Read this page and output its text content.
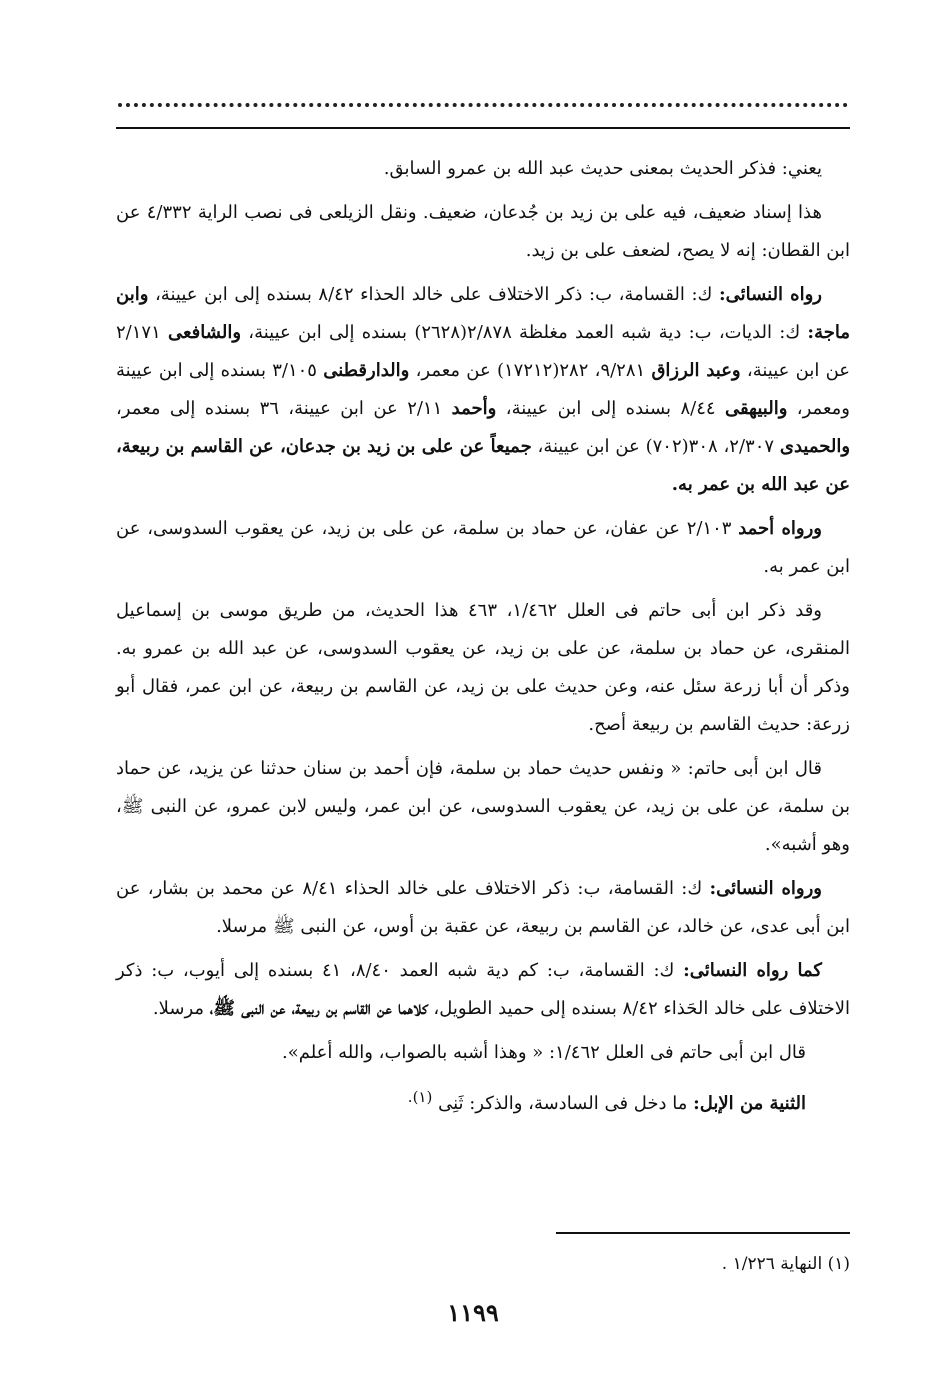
يعني: فذكر الحديث بمعنى حديث عبد الله بن عمرو السابق.

هذا إسناد ضعيف، فيه على بن زيد بن جُدعان، ضعيف. ونقل الزيلعى فى نصب الراية ٤/٣٣٢ عن ابن القطان: إنه لا يصح، لضعف على بن زيد.

رواه النسائى: ك: القسامة، ب: ذكر الاختلاف على خالد الحذاء ٨/٤٢ بسنده إلى ابن عيينة، وابن ماجة: ك: الديات، ب: دية شبه العمد مغلظة ٢/٨٧٨(٢٦٢٨) بسنده إلى ابن عيينة، والشافعى ٢/١٧١ عن ابن عيينة، وعبد الرزاق ٩/٢٨١، ٢٨٢(١٧٢١٢) عن معمر، والدارقطنى ٣/١٠٥ بسنده إلى ابن عيينة ومعمر، والبيهقى ٨/٤٤ بسنده إلى ابن عيينة، وأحمد ٢/١١ عن ابن عيينة، ٣٦ بسنده إلى معمر، والحميدى ٢/٣٠٧، ٣٠٨(٧٠٢) عن ابن عيينة، جميعاً عن على بن زيد بن جدعان، عن القاسم بن ربيعة، عن عبد الله بن عمر به.

ورواه أحمد ٢/١٠٣ عن عفان، عن حماد بن سلمة، عن على بن زيد، عن يعقوب السدوسى، عن ابن عمر به.

وقد ذكر ابن أبى حاتم فى العلل ١/٤٦٢، ٤٦٣ هذا الحديث، من طريق موسى بن إسماعيل المنقرى، عن حماد بن سلمة، عن على بن زيد، عن يعقوب السدوسى، عن عبد الله بن عمرو به. وذكر أن أبا زرعة سئل عنه، وعن حديث على بن زيد، عن القاسم بن ربيعة، عن ابن عمر، فقال أبو زرعة: حديث القاسم بن ربيعة أصح.

قال ابن أبى حاتم: « ونفس حديث حماد بن سلمة، فإن أحمد بن سنان حدثنا عن يزيد، عن حماد بن سلمة، عن على بن زيد، عن يعقوب السدوسى، عن ابن عمر، وليس لابن عمرو، عن النبى ﷺ، وهو أشبه».

ورواه النسائى: ك: القسامة، ب: ذكر الاختلاف على خالد الحذاء ٨/٤١ عن محمد بن بشار، عن ابن أبى عدى، عن خالد، عن القاسم بن ربيعة، عن عقبة بن أوس، عن النبى ﷺ مرسلا.

كما رواه النسائى: ك: القسامة، ب: كم دية شبه العمد ٨/٤٠، ٤١ بسنده إلى أيوب، ب: ذكر الاختلاف على خالد الحَذاء ٨/٤٢ بسنده إلى حميد الطويل، كلاهما عن القاسم بن ربيعة، عن النبى ﷺ، مرسلا.

قال ابن أبى حاتم فى العلل ١/٤٦٢: « وهذا أشبه بالصواب، والله أعلم».

الثنية من الإبل: ما دخل فى السادسة، والذكر: ثَنِى $^{(١).}$

(١) النهاية ١/٢٢٦ .
١١٩٩
